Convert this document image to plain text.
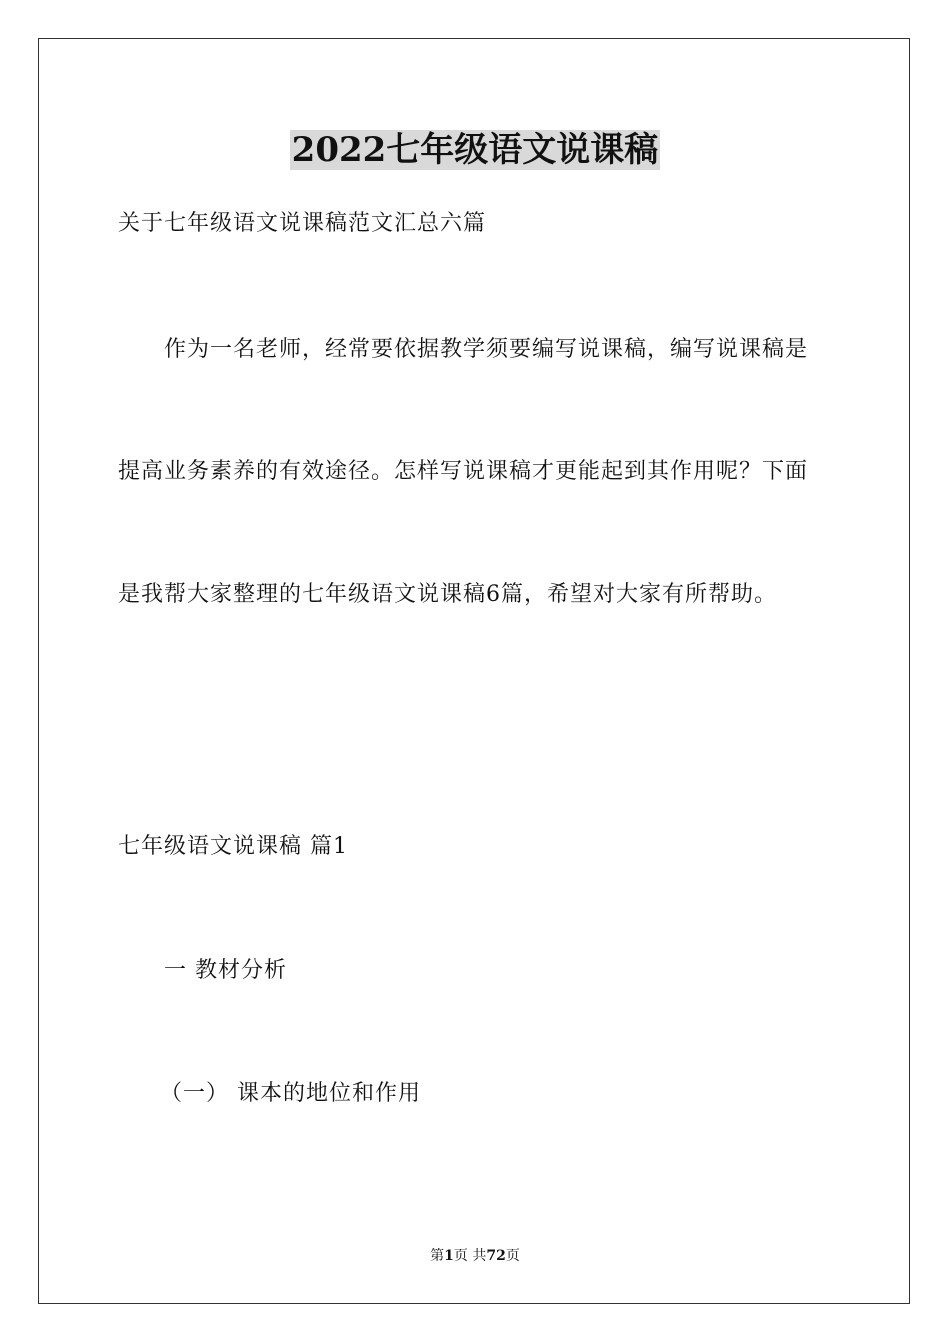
2022七年级语文说课稿
关于七年级语文说课稿范文汇总六篇
作为一名老师，经常要依据教学须要编写说课稿，编写说课稿是
提高业务素养的有效途径。怎样写说课稿才更能起到其作用呢？下面
是我帮大家整理的七年级语文说课稿6篇，希望对大家有所帮助。
七年级语文说课稿 篇1
一 教材分析
（一） 课本的地位和作用
第1页 共72页
